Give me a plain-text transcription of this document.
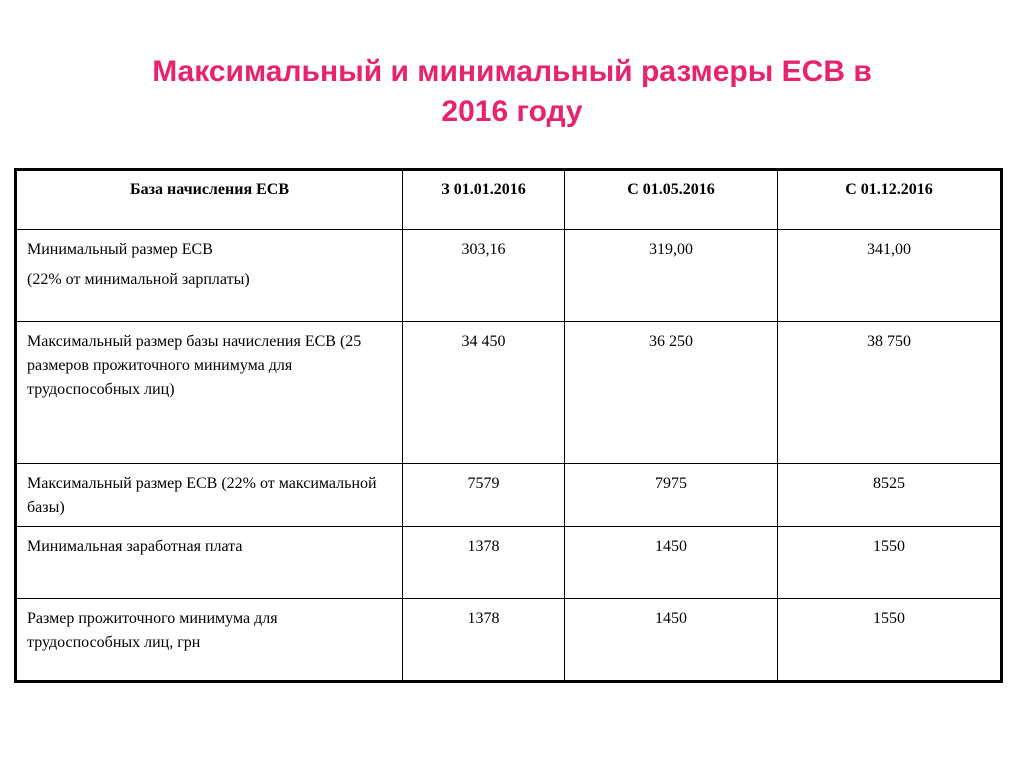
Максимальный и минимальный размеры ЕСВ в
2016 году
База начисления ЕСВ	З 01.01.2016	С 01.05.2016	С 01.12.2016
Минимальный размер ЕСВ
(22% от минимальной зарплаты)	303,16	319,00	341,00
Максимальный размер базы начисления ЕСВ (25 размеров прожиточного минимума для трудоспособных лиц)	34 450	36 250	38 750
Максимальный размер ЕСВ (22% от максимальной базы)	7579	7975	8525
Минимальная заработная плата	1378	1450	1550
Размер прожиточного минимума для трудоспособных лиц, грн	1378	1450	1550
